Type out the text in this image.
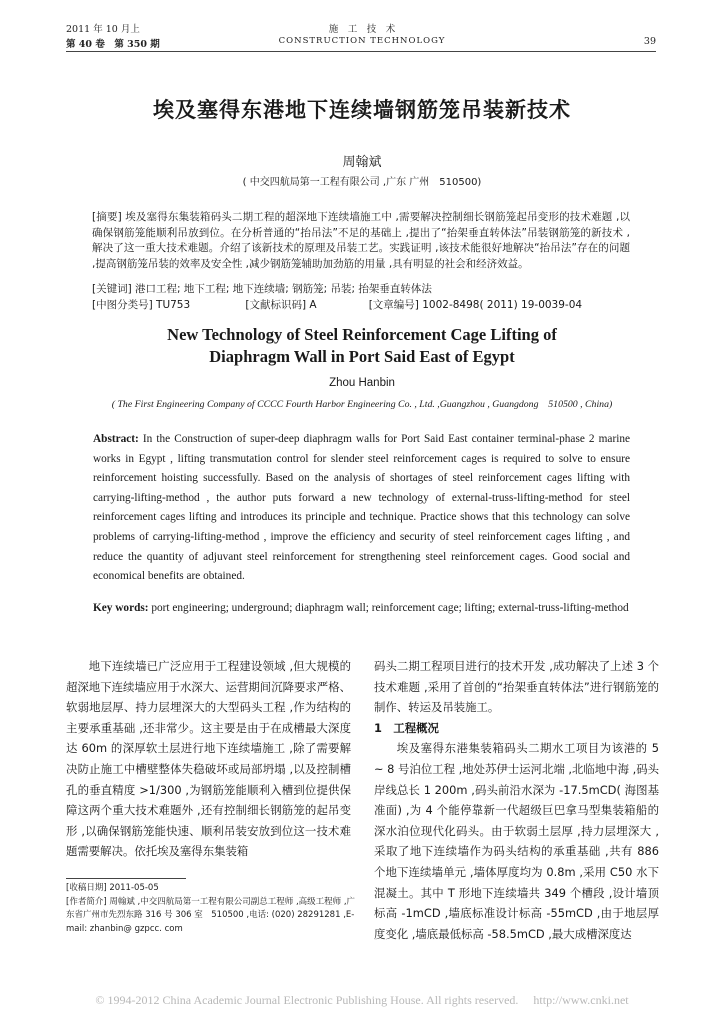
2011 年 10 月上
第 40 卷　第 350 期
施　工　技　术
CONSTRUCTION TECHNOLOGY	39
埃及塞得东港地下连续墙钢筋笼吊装新技术
周翰斌
( 中交四航局第一工程有限公司 ,广东 广州　510500)
[摘要] 埃及塞得东集装箱码头二期工程的超深地下连续墙施工中 ,需要解决控制细长钢筋笼起吊变形的技术难题 ,以确保钢筋笼能顺利吊放到位。在分析普通的“抬吊法”不足的基础上 ,提出了“抬架垂直转体法”吊装钢筋笼的新技术 ,解决了这一重大技术难题。介绍了该新技术的原理及吊装工艺。实践证明 ,该技术能很好地解决“抬吊法”存在的问题 ,提高钢筋笼吊装的效率及安全性 ,减少钢筋笼辅助加劲筋的用量 ,具有明显的社会和经济效益。
[关键词] 港口工程; 地下工程; 地下连续墙; 钢筋笼; 吊装; 抬架垂直转体法
[中图分类号] TU753	[文献标识码] A	[文章编号] 1002-8498( 2011) 19-0039-04
New Technology of Steel Reinforcement Cage Lifting of Diaphragm Wall in Port Said East of Egypt
Zhou Hanbin
( The First Engineering Company of CCCC Fourth Harbor Engineering Co. , Ltd. ,Guangzhou , Guangdong　510500 , China)
Abstract: In the Construction of super-deep diaphragm walls for Port Said East container terminal-phase 2 marine works in Egypt , lifting transmutation control for slender steel reinforcement cages is required to solve to ensure reinforcement hoisting successfully. Based on the analysis of shortages of steel reinforcement cages lifting with carrying-lifting-method , the author puts forward a new technology of external-truss-lifting-method for steel reinforcement cages lifting and introduces its principle and technique. Practice shows that this technology can solve problems of carrying-lifting-method , improve the efficiency and security of steel reinforcement cages lifting , and reduce the quantity of adjuvant steel reinforcement for strengthening steel reinforcement cages. Good social and economical benefits are obtained.
Key words: port engineering; underground; diaphragm wall; reinforcement cage; lifting; external-truss-lifting-method

地下连续墙已广泛应用于工程建设领域 ,但大规模的超深地下连续墙应用于水深大、运营期间沉降要求严格、软弱地层厚、持力层埋深大的大型码头工程 ,作为结构的主要承重基础 ,还非常少。这主要是由于在成槽最大深度达 60m 的深厚软土层进行地下连续墙施工 ,除了需要解决防止施工中槽壁整体失稳破坏或局部坍塌 ,以及控制槽孔的垂直精度 >1/300 ,为钢筋笼能顺利入槽到位提供保障这两个重大技术难题外 ,还有控制细长钢筋笼的起吊变形 ,以确保钢筋笼能快速、顺利吊装安放到位这一技术难题需要解决。依托埃及塞得东集装箱

码头二期工程项目进行的技术开发 ,成功解决了上述 3 个技术难题 ,采用了首创的“抬架垂直转体法”进行钢筋笼的制作、转运及吊装施工。

1　工程概况

埃及塞得东港集装箱码头二期水工项目为该港的 5 ~ 8 号泊位工程 ,地处苏伊士运河北端 ,北临地中海 ,码头岸线总长 1 200m ,码头前沿水深为 -17.5mCD( 海图基准面) ,为 4 个能停靠新一代超级巨巴拿马型集装箱船的深水泊位现代化码头。由于软弱土层厚 ,持力层埋深大 ,采取了地下连续墙作为码头结构的承重基础 ,共有 886 个地下连续墙单元 ,墙体厚度均为 0.8m ,采用 C50 水下混凝土。其中 T 形地下连续墙共 349 个槽段 ,设计墙顶标高 -1mCD ,墙底标准设计标高 -55mCD ,由于地层厚度变化 ,墙底最低标高 -58.5mCD ,最大成槽深度达

[收稿日期] 2011-05-05
[作者简介] 周翰斌 ,中交四航局第一工程有限公司副总工程师 ,高级工程师 ,广东省广州市先烈东路 316 号 306 室　510500 ,电话: (020) 28291281 ,E-mail: zhanbin@ gzpcc. com
© 1994-2012 China Academic Journal Electronic Publishing House. All rights reserved.　 http://www.cnki.net
